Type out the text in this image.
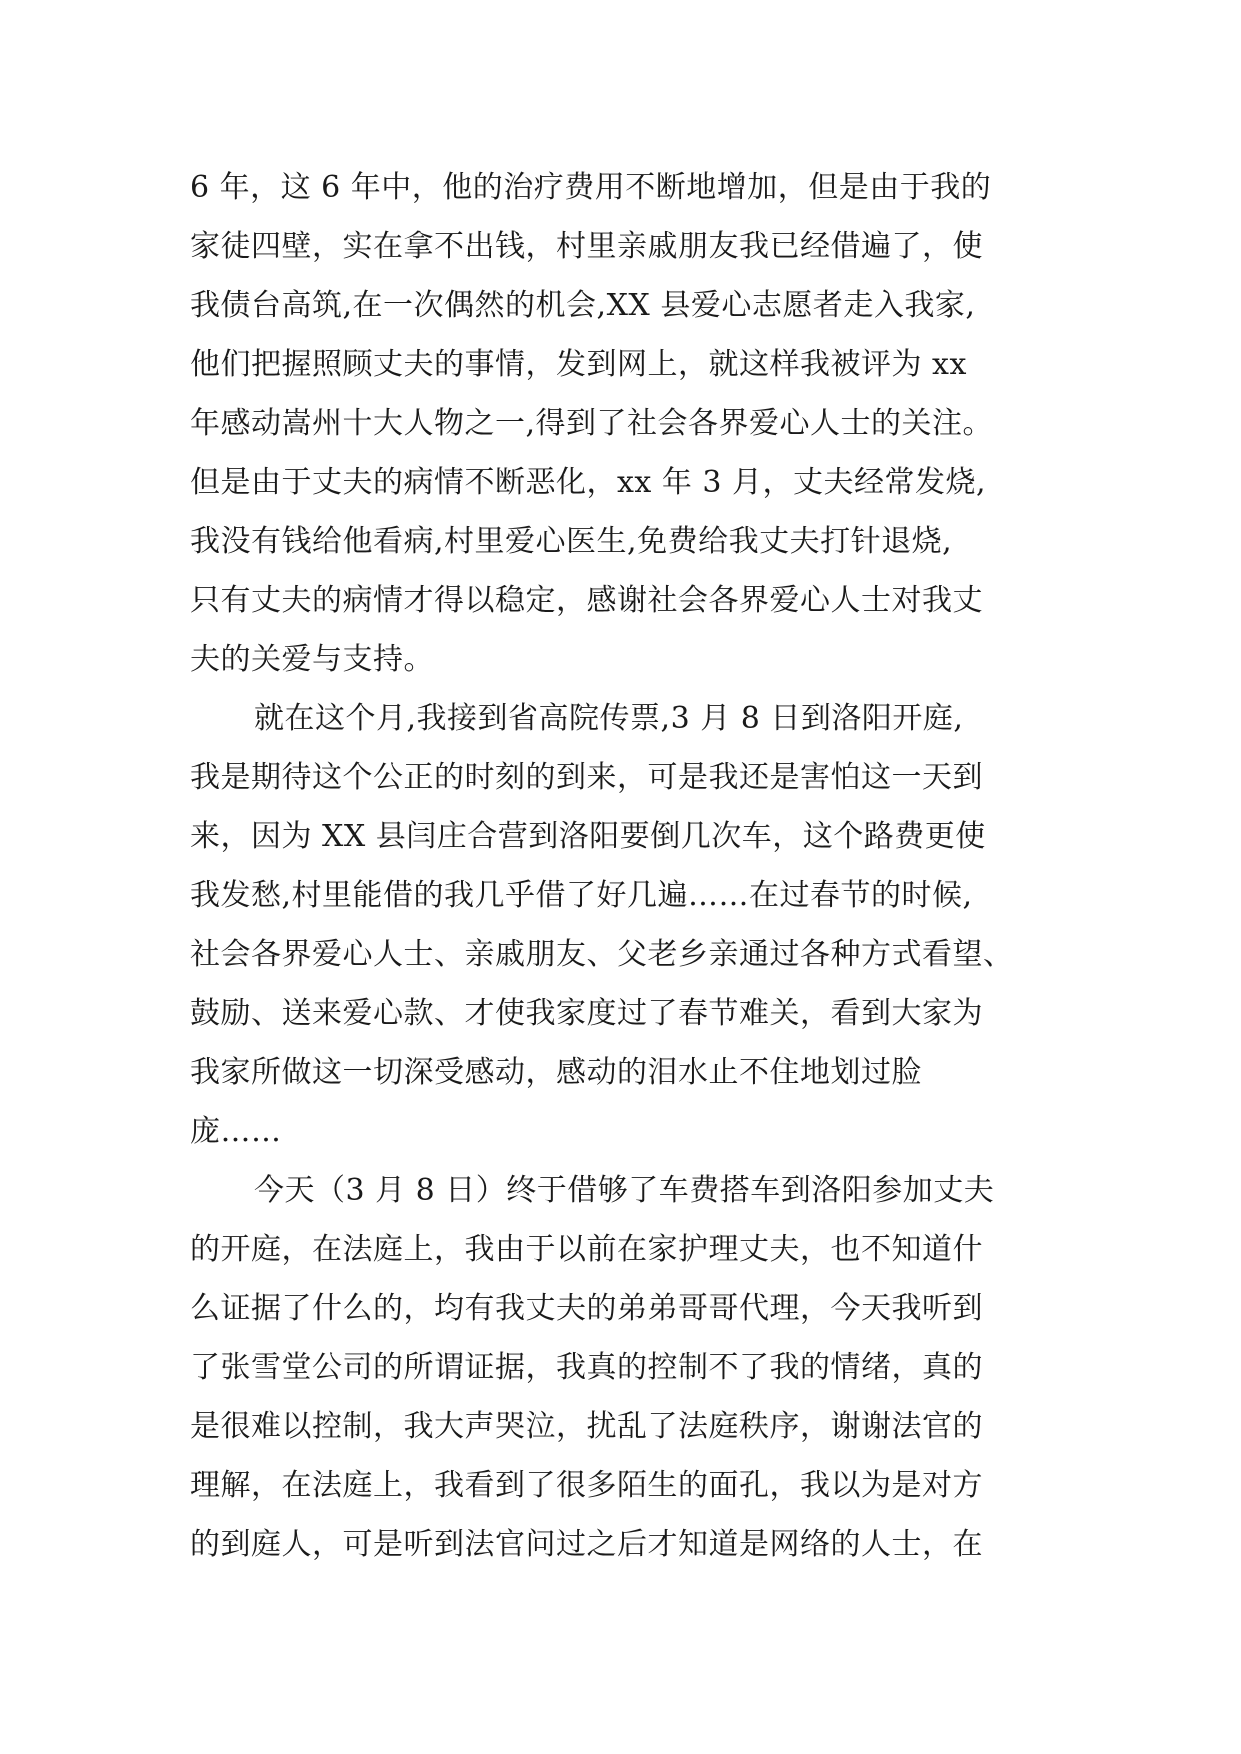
6 年，这 6 年中，他的治疗费用不断地增加，但是由于我的
家徒四壁，实在拿不出钱，村里亲戚朋友我已经借遍了，使
我债台高筑,在一次偶然的机会,XX 县爱心志愿者走入我家,
他们把握照顾丈夫的事情，发到网上，就这样我被评为 xx
年感动嵩州十大人物之一,得到了社会各界爱心人士的关注。
但是由于丈夫的病情不断恶化，xx 年 3 月，丈夫经常发烧,
我没有钱给他看病,村里爱心医生,免费给我丈夫打针退烧,
只有丈夫的病情才得以稳定，感谢社会各界爱心人士对我丈
夫的关爱与支持。
就在这个月,我接到省高院传票,3 月 8 日到洛阳开庭,
我是期待这个公正的时刻的到来，可是我还是害怕这一天到
来，因为 XX 县闫庄合营到洛阳要倒几次车，这个路费更使
我发愁,村里能借的我几乎借了好几遍……在过春节的时候,
社会各界爱心人士、亲戚朋友、父老乡亲通过各种方式看望、
鼓励、送来爱心款、才使我家度过了春节难关，看到大家为
我家所做这一切深受感动，感动的泪水止不住地划过脸
庞……
今天（3 月 8 日）终于借够了车费搭车到洛阳参加丈夫
的开庭，在法庭上，我由于以前在家护理丈夫，也不知道什
么证据了什么的，均有我丈夫的弟弟哥哥代理，今天我听到
了张雪堂公司的所谓证据，我真的控制不了我的情绪，真的
是很难以控制，我大声哭泣，扰乱了法庭秩序，谢谢法官的
理解，在法庭上，我看到了很多陌生的面孔，我以为是对方
的到庭人，可是听到法官问过之后才知道是网络的人士，在
